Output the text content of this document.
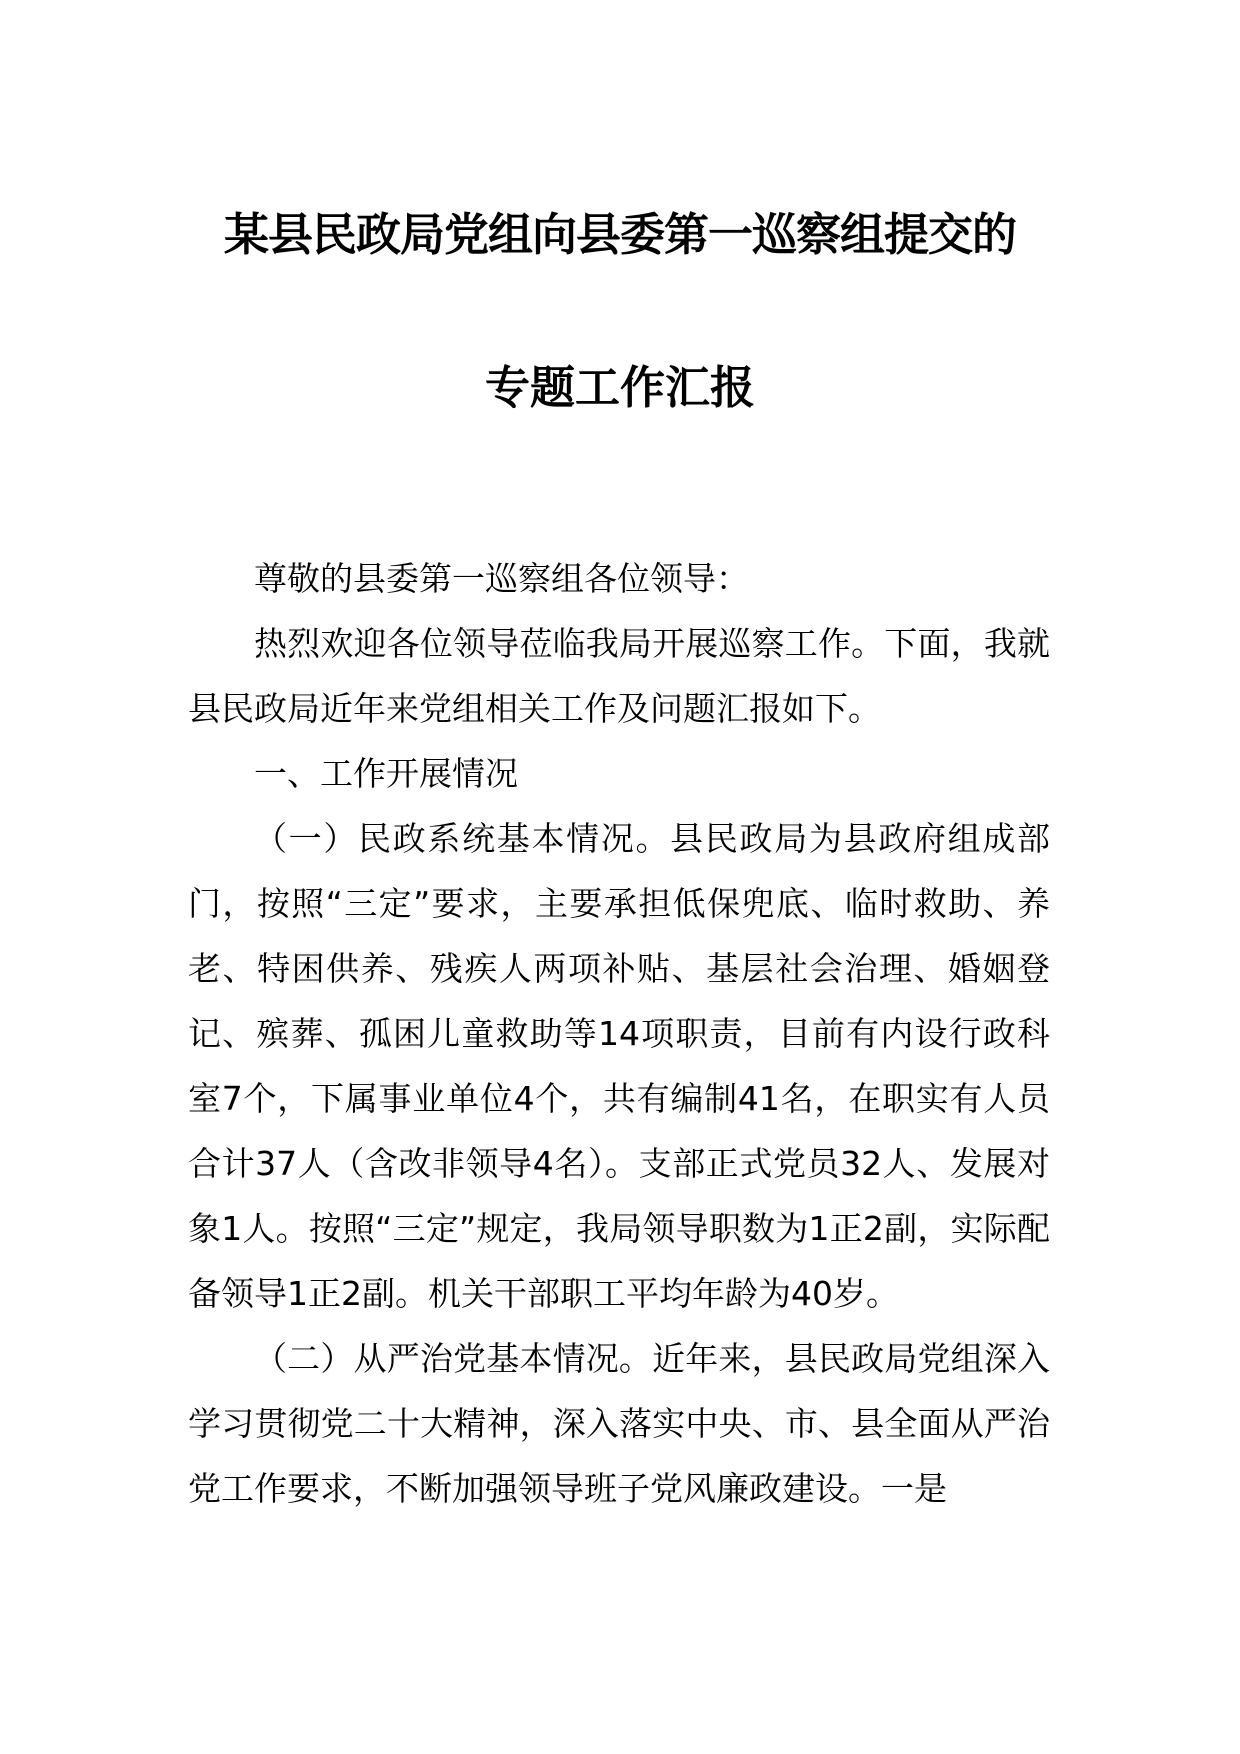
某县民政局党组向县委第一巡察组提交的
专题工作汇报

尊敬的县委第一巡察组各位领导：

热烈欢迎各位领导莅临我局开展巡察工作。下面，我就县民政局近年来党组相关工作及问题汇报如下。

一、工作开展情况

（一）民政系统基本情况。县民政局为县政府组成部门，按照“三定”要求，主要承担低保兜底、临时救助、养老、特困供养、残疾人两项补贴、基层社会治理、婚姻登记、殡葬、孤困儿童救助等14项职责，目前有内设行政科室7个，下属事业单位4个，共有编制41名，在职实有人员合计37人（含改非领导4名）。支部正式党员32人、发展对象1人。按照“三定”规定，我局领导职数为1正2副，实际配备领导1正2副。机关干部职工平均年龄为40岁。

（二）从严治党基本情况。近年来，县民政局党组深入学习贯彻党二十大精神，深入落实中央、市、县全面从严治党工作要求，不断加强领导班子党风廉政建设。一是
